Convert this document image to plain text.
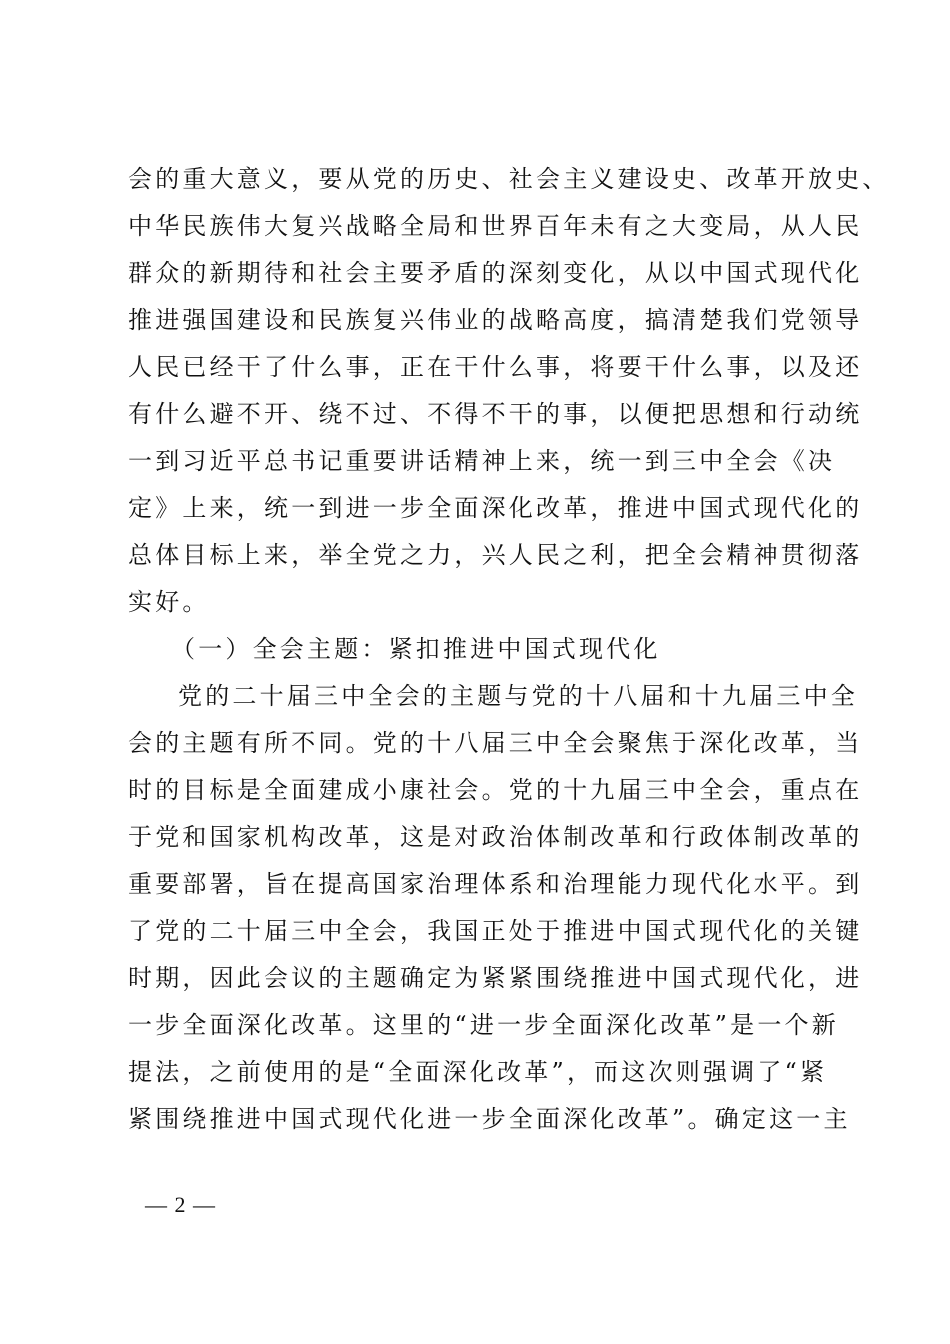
会的重大意义，要从党的历史、社会主义建设史、改革开放史、
中华民族伟大复兴战略全局和世界百年未有之大变局，从人民
群众的新期待和社会主要矛盾的深刻变化，从以中国式现代化
推进强国建设和民族复兴伟业的战略高度，搞清楚我们党领导
人民已经干了什么事，正在干什么事，将要干什么事，以及还
有什么避不开、绕不过、不得不干的事，以便把思想和行动统
一到习近平总书记重要讲话精神上来，统一到三中全会《决
定》上来，统一到进一步全面深化改革，推进中国式现代化的
总体目标上来，举全党之力，兴人民之利，把全会精神贯彻落
实好。
（一）全会主题：紧扣推进中国式现代化
党的二十届三中全会的主题与党的十八届和十九届三中全
会的主题有所不同。党的十八届三中全会聚焦于深化改革，当
时的目标是全面建成小康社会。党的十九届三中全会，重点在
于党和国家机构改革，这是对政治体制改革和行政体制改革的
重要部署，旨在提高国家治理体系和治理能力现代化水平。到
了党的二十届三中全会，我国正处于推进中国式现代化的关键
时期，因此会议的主题确定为紧紧围绕推进中国式现代化，进
一步全面深化改革。这里的“进一步全面深化改革”是一个新
提法，之前使用的是“全面深化改革”，而这次则强调了“紧
紧围绕推进中国式现代化进一步全面深化改革”。确定这一主
— 2 —
